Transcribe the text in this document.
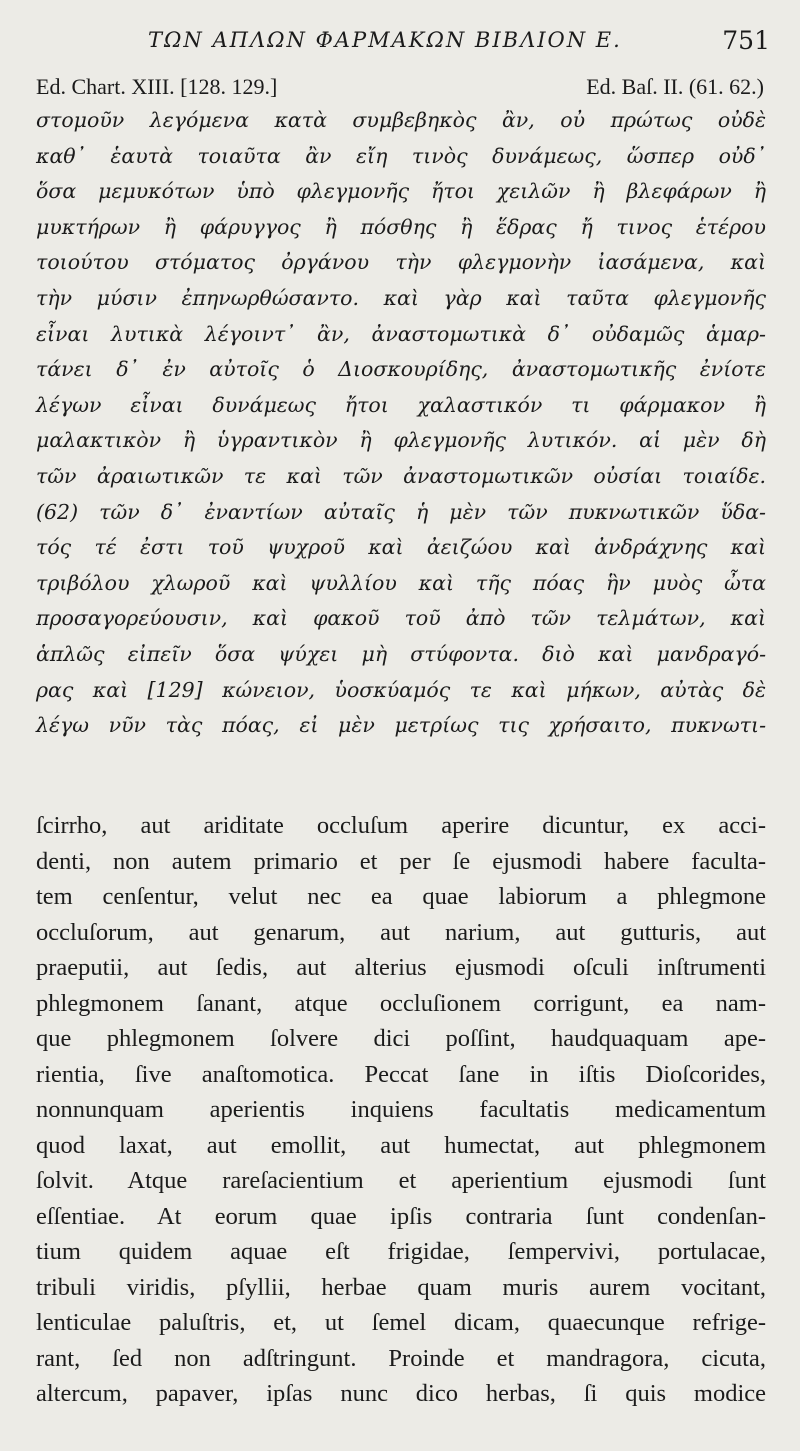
ΤΩΝ ΑΠΛΩΝ ΦΑΡΜΑΚΩΝ ΒΙΒΛΙΟΝ Ε.	751
Ed. Chart. XIII. [128. 129.]	Ed. Baſ. II. (61. 62.)
στομοῦν λεγόμενα κατὰ συμβεβηκὸς ἂν, οὐ πρώτως οὐδὲ
καθ᾽ ἑαυτὰ τοιαῦτα ἂν εἴη τινὸς δυνάμεως, ὥσπερ οὐδ᾽
ὅσα μεμυκότων ὑπὸ φλεγμονῆς ἤτοι χειλῶν ἢ βλεφάρων ἢ
μυκτήρων ἢ φάρυγγος ἢ πόσθης ἢ ἕδρας ἤ τινος ἑτέρου
τοιούτου στόματος ὀργάνου τὴν φλεγμονὴν ἰασάμενα, καὶ
τὴν μύσιν ἐπηνωρθώσαντο. καὶ γὰρ καὶ ταῦτα φλεγμονῆς
εἶναι λυτικὰ λέγοιντ᾽ ἂν, ἀναστομωτικὰ δ᾽ οὐδαμῶς ἁμαρ-
τάνει δ᾽ ἐν αὐτοῖς ὁ Διοσκουρίδης, ἀναστομωτικῆς ἐνίοτε
λέγων εἶναι δυνάμεως ἤτοι χαλαστικόν τι φάρμακον ἢ
μαλακτικὸν ἢ ὑγραντικὸν ἢ φλεγμονῆς λυτικόν. αἱ μὲν δὴ
τῶν ἀραιωτικῶν τε καὶ τῶν ἀναστομωτικῶν οὐσίαι τοιαίδε.
(62) τῶν δ᾽ ἐναντίων αὐταῖς ἡ μὲν τῶν πυκνωτικῶν ὕδα-
τός τέ ἐστι τοῦ ψυχροῦ καὶ ἀειζώου καὶ ἀνδράχνης καὶ
τριβόλου χλωροῦ καὶ ψυλλίου καὶ τῆς πόας ἣν μυὸς ὦτα
προσαγορεύουσιν, καὶ φακοῦ τοῦ ἀπὸ τῶν τελμάτων, καὶ
ἁπλῶς εἰπεῖν ὅσα ψύχει μὴ στύφοντα. διὸ καὶ μανδραγό-
ρας καὶ [129] κώνειον, ὑοσκύαμός τε καὶ μήκων, αὐτὰς δὲ
λέγω νῦν τὰς πόας, εἰ μὲν μετρίως τις χρήσαιτο, πυκνωτι-
ſcirrho, aut ariditate occluſum aperire dicuntur, ex acci-
denti, non autem primario et per ſe ejusmodi habere faculta-
tem cenſentur, velut nec ea quae labiorum a phlegmone
occluſorum, aut genarum, aut narium, aut gutturis, aut
praeputii, aut ſedis, aut alterius ejusmodi oſculi inſtrumenti
phlegmonem ſanant, atque occluſionem corrigunt, ea nam-
que phlegmonem ſolvere dici poſſint, haudquaquam ape-
rientia, ſive anaſtomotica. Peccat ſane in iſtis Dioſcorides,
nonnunquam aperientis inquiens facultatis medicamentum
quod laxat, aut emollit, aut humectat, aut phlegmonem
ſolvit. Atque rareſacientium et aperientium ejusmodi ſunt
eſſentiae. At eorum quae ipſis contraria ſunt condenſan-
tium quidem aquae eſt frigidae, ſempervivi, portulacae,
tribuli viridis, pſyllii, herbae quam muris aurem vocitant,
lenticulae paluſtris, et, ut ſemel dicam, quaecunque refrige-
rant, ſed non adſtringunt. Proinde et mandragora, cicuta,
altercum, papaver, ipſas nunc dico herbas, ſi quis modice
